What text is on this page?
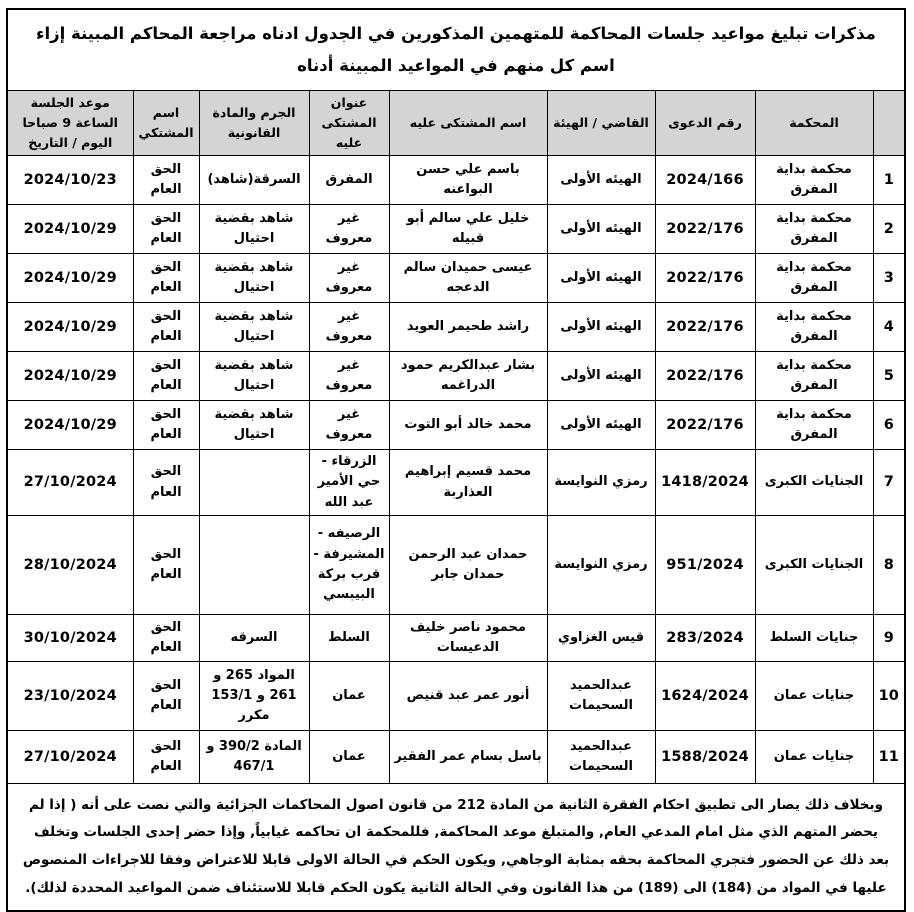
مذكرات تبليغ مواعيد جلسات المحاكمة للمتهمين المذكورين في الجدول ادناه مراجعة المحاكم المبينة إزاء اسم كل منهم في المواعيد المبينة أدناه								
	المحكمة	رقم الدعوى	القاضي / الهيئة	اسم المشتكى عليه	عنوان المشتكى عليه	الجرم والمادة القانونية	اسم المشتكي	موعد الجلسة الساعة 9 صباحا اليوم / التاريخ
1	محكمة بداية المفرق	2024/166	الهيئه الأولى	باسم علي حسن البواعنه	المفرق	السرقة(شاهد)	الحق العام	2024/10/23
2	محكمة بداية المفرق	2022/176	الهيئه الأولى	خليل علي سالم أبو قبيله	غير معروف	شاهد بقضية احتيال	الحق العام	2024/10/29
3	محكمة بداية المفرق	2022/176	الهيئه الأولى	عيسى حميدان سالم الدعجه	غير معروف	شاهد بقضية احتيال	الحق العام	2024/10/29
4	محكمة بداية المفرق	2022/176	الهيئه الأولى	راشد طحيمر العويد	غير معروف	شاهد بقضية احتيال	الحق العام	2024/10/29
5	محكمة بداية المفرق	2022/176	الهيئه الأولى	بشار عبدالكريم حمود الدراغمه	غير معروف	شاهد بقضية احتيال	الحق العام	2024/10/29
6	محكمة بداية المفرق	2022/176	الهيئه الأولى	محمد خالد أبو التوت	غير معروف	شاهد بقضية احتيال	الحق العام	2024/10/29
7	الجنايات الكبرى	1418/2024	رمزي النوايسة	محمد قسيم إبراهيم العذاربة	الزرقاء - حي الأمير عبد الله		الحق العام	27/10/2024
8	الجنايات الكبرى	951/2024	رمزي النوايسة	حمدان عبد الرحمن حمدان جابر	الرصيفه - المشيرفة - قرب بركة البيبسي		الحق العام	28/10/2024
9	جنايات السلط	283/2024	قيس الغزاوي	محمود ناصر خليف الدعيسات	السلط	السرقه	الحق العام	30/10/2024
10	جنايات عمان	1624/2024	عبدالحميد السحيمات	أنور عمر عبد قنيص	عمان	المواد 265 و 261 و 153/1 مكرر	الحق العام	23/10/2024
11	جنايات عمان	1588/2024	عبدالحميد السحيمات	باسل بسام عمر الفقير	عمان	المادة 390/2 و 467/1	الحق العام	27/10/2024
وبخلاف ذلك يصار الى تطبيق احكام الفقرة الثانية من المادة 212 من قانون اصول المحاكمات الجزائية والتي نصت على أنه ( إذا لم يحضر المتهم الذي مثل امام المدعي العام, والمتبلغ موعد المحاكمة, فللمحكمة ان تحاكمه غيابياً, وإذا حضر إحدى الجلسات وتخلف بعد ذلك عن الحضور فتجري المحاكمة بحقه بمثابة الوجاهي, ويكون الحكم في الحالة الاولى قابلا للاعتراض وفقا للاجراءات المنصوص عليها في المواد من (184) الى (189) من هذا القانون وفي الحالة الثانية يكون الحكم قابلا للاستئناف ضمن المواعيد المحددة لذلك).								
